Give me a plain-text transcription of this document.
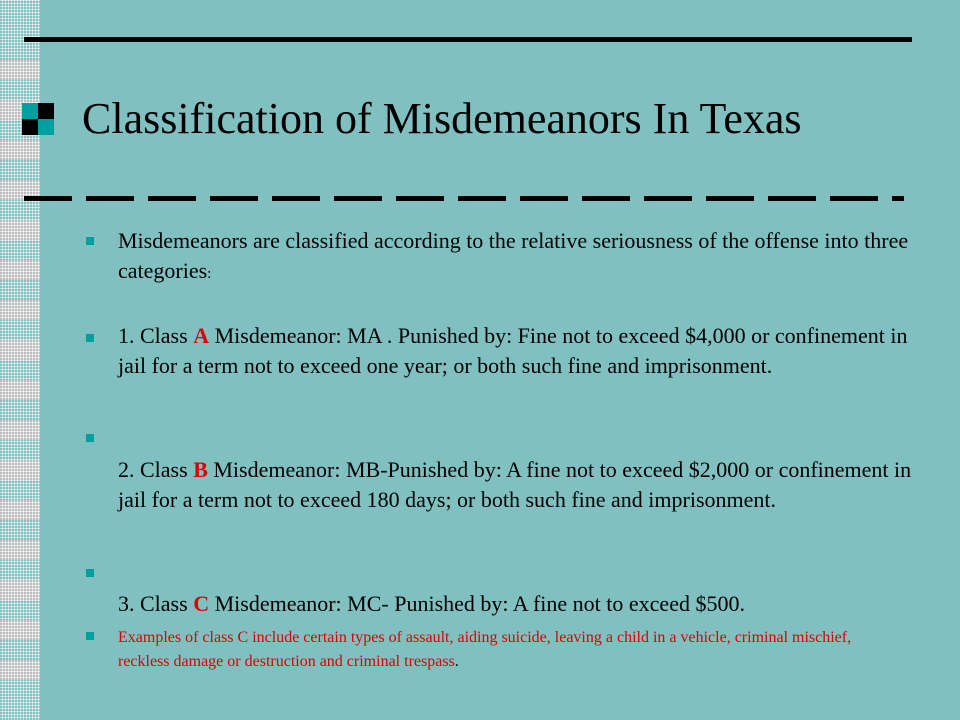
Classification of Misdemeanors In Texas

Misdemeanors are classified according to the relative seriousness of the offense into three categories:

1. Class A Misdemeanor: MA . Punished by: Fine not to exceed $4,000 or confinement in jail for a term not to exceed one year; or both such fine and imprisonment.

2. Class B Misdemeanor: MB-Punished by: A fine not to exceed $2,000 or confinement in jail for a term not to exceed 180 days; or both such fine and imprisonment.

3. Class C Misdemeanor: MC- Punished by: A fine not to exceed $500.

Examples of class C include certain types of assault, aiding suicide, leaving a child in a vehicle, criminal mischief, reckless damage or destruction and criminal trespass.
